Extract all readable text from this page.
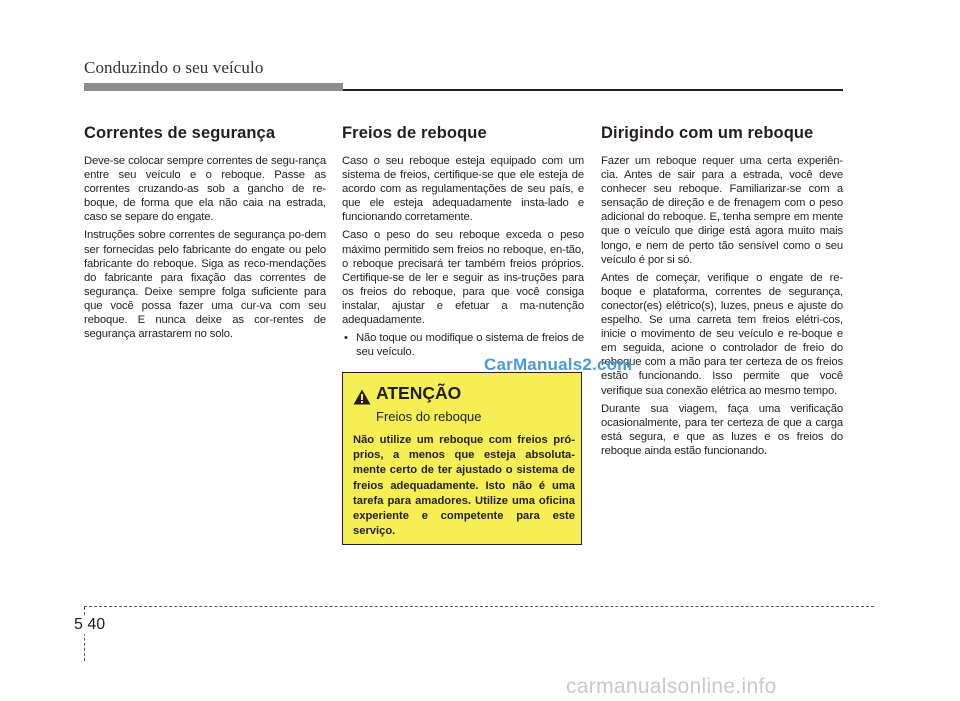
Conduzindo o seu veículo
Correntes de segurança

Deve-se colocar sempre correntes de segu-rança entre seu veículo e o reboque. Passe as correntes cruzando-as sob a gancho de re-boque, de forma que ela não caia na estrada, caso se separe do engate.

Instruções sobre correntes de segurança po-dem ser fornecidas pelo fabricante do engate ou pelo fabricante do reboque. Siga as reco-mendações do fabricante para fixação das correntes de segurança. Deixe sempre folga suficiente para que você possa fazer uma cur-va com seu reboque. E nunca deixe as cor-rentes de segurança arrastarem no solo.

Freios de reboque

Caso o seu reboque esteja equipado com um sistema de freios, certifique-se que ele esteja de acordo com as regulamentações de seu país, e que ele esteja adequadamente insta-lado e funcionando corretamente.

Caso o peso do seu reboque exceda o peso máximo permitido sem freios no reboque, en-tão, o reboque precisará ter também freios próprios. Certifique-se de ler e seguir as ins-truções para os freios do reboque, para que você consiga instalar, ajustar e efetuar a ma-nutenção adequadamente.

• Não toque ou modifique o sistema de freios de seu veículo.
Dirigindo com um reboque

Fazer um reboque requer uma certa experiên-cia. Antes de sair para a estrada, você deve conhecer seu reboque. Familiarizar-se com a sensação de direção e de frenagem com o peso adicional do reboque. E, tenha sempre em mente que o veículo que dirige está agora muito mais longo, e nem de perto tão sensível como o seu veículo é por si só.

Antes de começar, verifique o engate de re-boque e plataforma, correntes de segurança, conector(es) elétrico(s), luzes, pneus e ajuste do espelho. Se uma carreta tem freios elétri-cos, inicie o movimento de seu veículo e re-boque e em seguida, acione o controlador de freio do reboque com a mão para ter certeza de os freios estão funcionando. Isso permite que você verifique sua conexão elétrica ao mesmo tempo.

Durante sua viagem, faça uma verificação ocasionalmente, para ter certeza de que a carga está segura, e que as luzes e os freios do reboque ainda estão funcionando.

ATENÇÃO
Freios do reboque

Não utilize um reboque com freios pró-prios, a menos que esteja absoluta-mente certo de ter ajustado o sistema de freios adequadamente. Isto não é uma tarefa para amadores. Utilize uma oficina experiente e competente para este serviço.

CarManuals2.com
5 40
carmanualsonline.info
